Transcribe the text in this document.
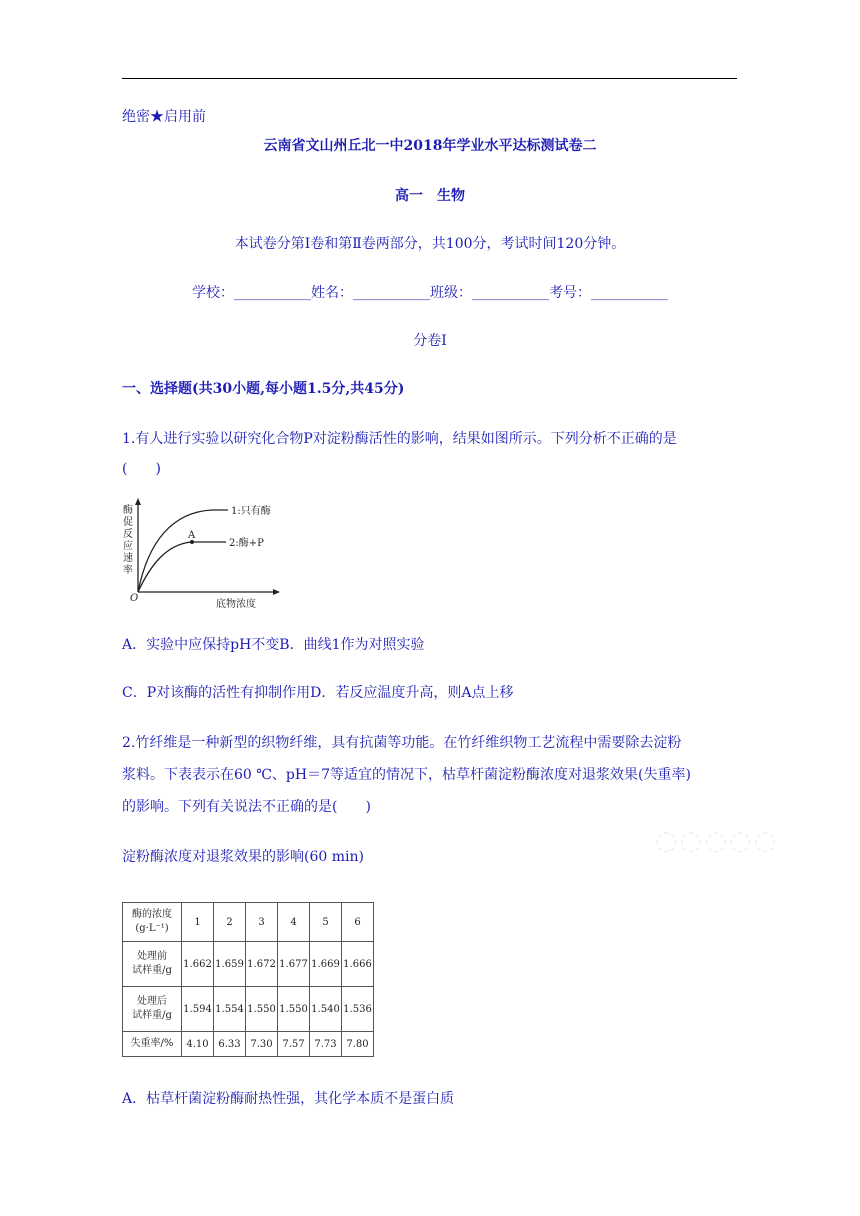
绝密★启用前
云南省文山州丘北一中2018年学业水平达标测试卷二
高一　生物
本试卷分第Ⅰ卷和第Ⅱ卷两部分，共100分，考试时间120分钟。
学校：___________姓名：___________班级：___________考号：___________
分卷I
一、选择题(共30小题,每小题1.5分,共45分)
1.有人进行实验以研究化合物P对淀粉酶活性的影响，结果如图所示。下列分析不正确的是
(　　)
A
1:只有酶
2:酶+P
酶
促
反
应
速
率
O
底物浓度
A．实验中应保持pH不变B．曲线1作为对照实验
C．P对该酶的活性有抑制作用D．若反应温度升高，则A点上移
2.竹纤维是一种新型的织物纤维，具有抗菌等功能。在竹纤维织物工艺流程中需要除去淀粉
浆料。下表表示在60 ℃、pH＝7等适宜的情况下，枯草杆菌淀粉酶浓度对退浆效果(失重率)
的影响。下列有关说法不正确的是(　　)
淀粉酶浓度对退浆效果的影响(60 min)
◌◌◌◌◌
酶的浓度
(g·L⁻¹)	1	2	3	4	5	6

处理前
试样重/g	1.662	1.659	1.672	1.677	1.669	1.666

处理后
试样重/g	1.594	1.554	1.550	1.550	1.540	1.536
失重率/%	4.10	6.33	7.30	7.57	7.73	7.80
A．枯草杆菌淀粉酶耐热性强，其化学本质不是蛋白质
